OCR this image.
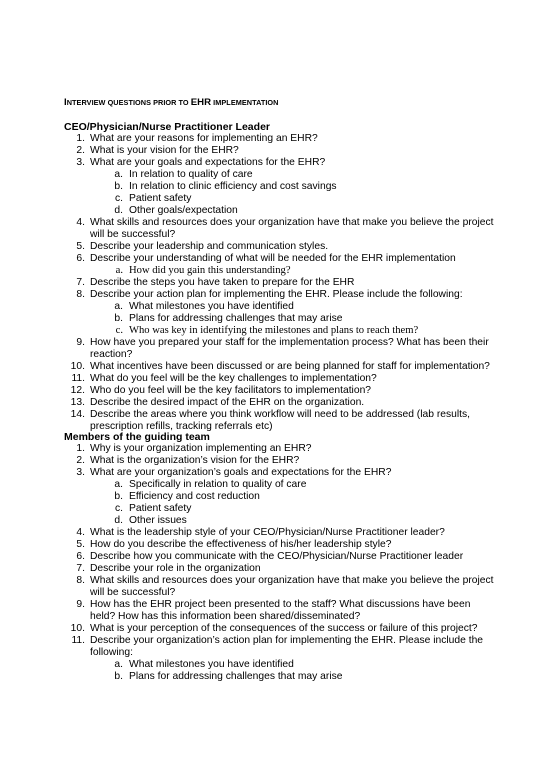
INTERVIEW QUESTIONS PRIOR TO EHR IMPLEMENTATION
CEO/Physician/Nurse Practitioner Leader
1. What are your reasons for implementing an EHR?
2. What is your vision for the EHR?
3. What are your goals and expectations for the EHR?
a. In relation to quality of care
b. In relation to clinic efficiency and cost savings
c. Patient safety
d. Other goals/expectation
4. What skills and resources does your organization have that make you believe the project
will be successful?
5. Describe your leadership and communication styles.
6. Describe your understanding of what will be needed for the EHR implementation
a. How did you gain this understanding?
7. Describe the steps you have taken to prepare for the EHR
8. Describe your action plan for implementing the EHR. Please include the following:
a. What milestones you have identified
b. Plans for addressing challenges that may arise
c. Who was key in identifying the milestones and plans to reach them?
9. How have you prepared your staff for the implementation process? What has been their
reaction?
10. What incentives have been discussed or are being planned for staff for implementation?
11. What do you feel will be the key challenges to implementation?
12. Who do you feel will be the key facilitators to implementation?
13. Describe the desired impact of the EHR on the organization.
14. Describe the areas where you think workflow will need to be addressed (lab results,
prescription refills, tracking referrals etc)
Members of the guiding team
1. Why is your organization implementing an EHR?
2. What is the organization’s vision for the EHR?
3. What are your organization’s goals and expectations for the EHR?
a. Specifically in relation to quality of care
b. Efficiency and cost reduction
c. Patient safety
d. Other issues
4. What is the leadership style of your CEO/Physician/Nurse Practitioner leader?
5. How do you describe the effectiveness of his/her leadership style?
6. Describe how you communicate with the CEO/Physician/Nurse Practitioner leader
7. Describe your role in the organization
8. What skills and resources does your organization have that make you believe the project
will be successful?
9. How has the EHR project been presented to the staff? What discussions have been
held? How has this information been shared/disseminated?
10. What is your perception of the consequences of the success or failure of this project?
11. Describe your organization’s action plan for implementing the EHR. Please include the
following:
a. What milestones you have identified
b. Plans for addressing challenges that may arise
